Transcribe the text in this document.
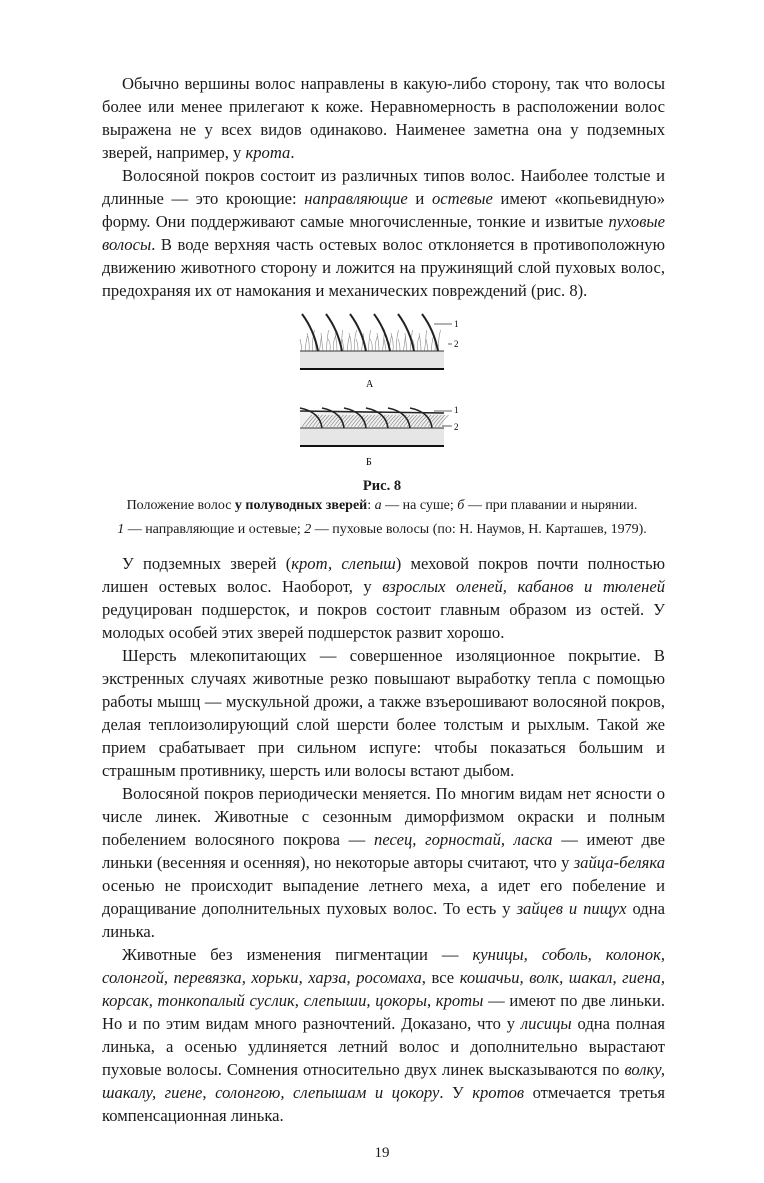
Обычно вершины волос направлены в какую-либо сторону, так что волосы более или менее прилегают к коже. Неравномерность в расположении волос выражена не у всех видов одинаково. Наименее заметна она у подземных зверей, например, у крота.

Волосяной покров состоит из различных типов волос. Наиболее толстые и длинные — это кроющие: направляющие и остевые имеют «копьевидную» форму. Они поддерживают самые многочисленные, тонкие и извитые пуховые волосы. В воде верхняя часть остевых волос отклоняется в противоположную движению животного сторону и ложится на пружинящий слой пуховых волос, предохраняя их от намокания и механических повреждений (рис. 8).

1
2
А
1
2
Б
Рис. 8
Положение волос у полуводных зверей: а — на суше; б — при плавании и нырянии.
1 — направляющие и остевые; 2 — пуховые волосы (по: Н. Наумов, Н. Карташев, 1979).

У подземных зверей (крот, слепыш) меховой покров почти полностью лишен остевых волос. Наоборот, у взрослых оленей, кабанов и тюленей редуцирован подшерсток, и покров состоит главным образом из остей. У молодых особей этих зверей подшерсток развит хорошо.

Шерсть млекопитающих — совершенное изоляционное покрытие. В экстренных случаях животные резко повышают выработку тепла с помощью работы мышц — мускульной дрожи, а также взъерошивают волосяной покров, делая теплоизолирующий слой шерсти более толстым и рыхлым. Такой же прием срабатывает при сильном испуге: чтобы показаться большим и страшным противнику, шерсть или волосы встают дыбом.

Волосяной покров периодически меняется. По многим видам нет ясности о числе линек. Животные с сезонным диморфизмом окраски и полным побелением волосяного покрова — песец, горностай, ласка — имеют две линьки (весенняя и осенняя), но некоторые авторы считают, что у зайца-беляка осенью не происходит выпадение летнего меха, а идет его побеление и доращивание дополнительных пуховых волос. То есть у зайцев и пищух одна линька.

Животные без изменения пигментации — куницы, соболь, колонок, солонгой, перевязка, хорьки, харза, росомаха, все кошачьи, волк, шакал, гиена, корсак, тонкопалый суслик, слепыши, цокоры, кроты — имеют по две линьки. Но и по этим видам много разночтений. Доказано, что у лисицы одна полная линька, а осенью удлиняется летний волос и дополнительно вырастают пуховые волосы. Сомнения относительно двух линек высказываются по волку, шакалу, гиене, солонгою, слепышам и цокору. У кротов отмечается третья компенсационная линька.

19
